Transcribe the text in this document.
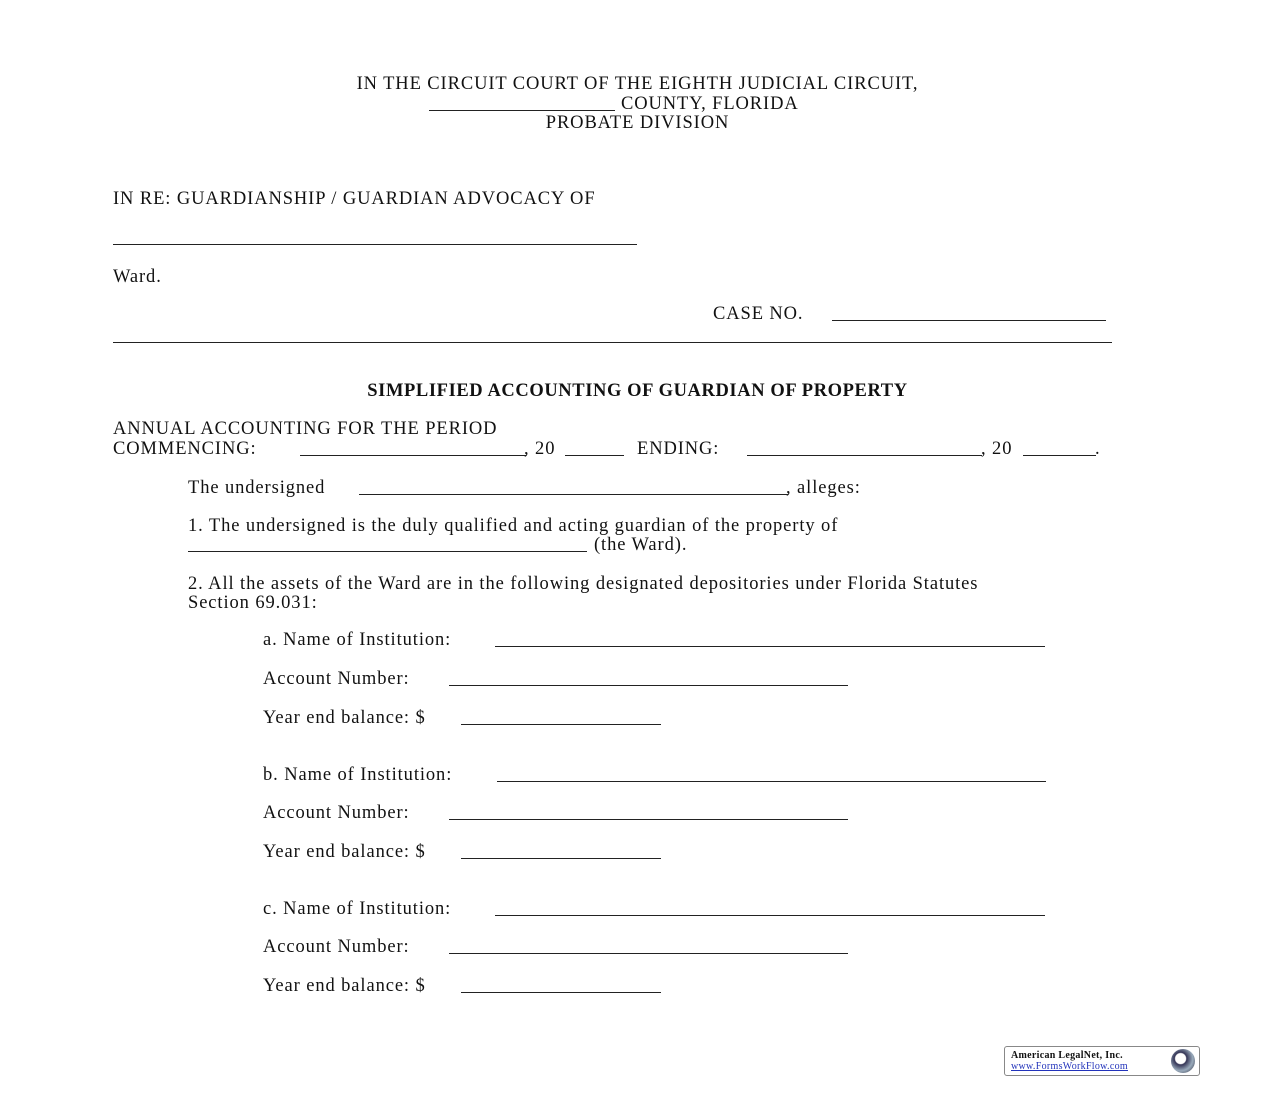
IN THE CIRCUIT COURT OF THE EIGHTH JUDICIAL CIRCUIT,
COUNTY, FLORIDA
PROBATE DIVISION
IN RE: GUARDIANSHIP / GUARDIAN ADVOCACY OF
Ward.
CASE NO.
SIMPLIFIED ACCOUNTING OF GUARDIAN OF PROPERTY
ANNUAL ACCOUNTING FOR THE PERIOD
COMMENCING:	, 20	ENDING:	, 20	.
The undersigned	, alleges:
1. The undersigned is the duly qualified and acting guardian of the property of
(the Ward).
2. All the assets of the Ward are in the following designated depositories under Florida Statutes
Section 69.031:
a. Name of Institution:
Account Number:
Year end balance: $
b. Name of Institution:
Account Number:
Year end balance: $
c. Name of Institution:
Account Number:
Year end balance: $
American LegalNet, Inc.
www.FormsWorkFlow.com
